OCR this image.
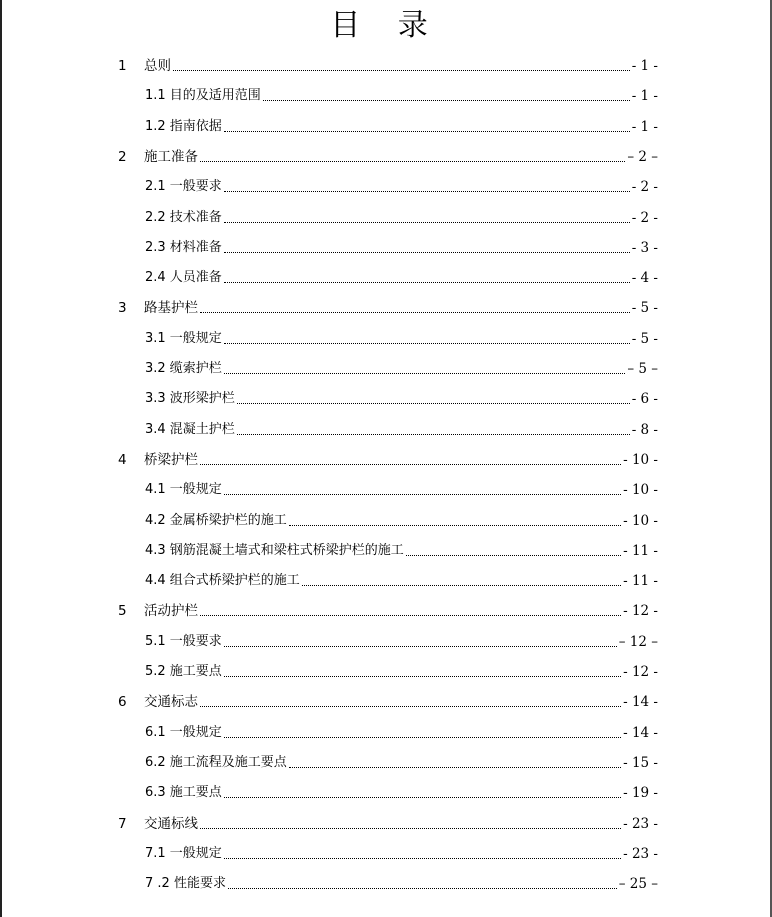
目 录
1 总则	- 1 -
1.1 目的及适用范围	- 1 -
1.2 指南依据	- 1 -
2 施工准备	– 2 –
2.1 一般要求	- 2 -
2.2 技术准备	- 2 -
2.3 材料准备	- 3 -
2.4 人员准备	- 4 -
3 路基护栏	- 5 -
3.1 一般规定	- 5 -
3.2 缆索护栏	– 5 –
3.3 波形梁护栏	- 6 -
3.4 混凝土护栏	- 8 -
4 桥梁护栏	- 10 -
4.1 一般规定	- 10 -
4.2 金属桥梁护栏的施工	- 10 -
4.3 钢筋混凝土墙式和梁柱式桥梁护栏的施工	- 11 -
4.4 组合式桥梁护栏的施工	- 11 -
5 活动护栏	- 12 -
5.1 一般要求	– 12 –
5.2 施工要点	- 12 -
6 交通标志	- 14 -
6.1 一般规定	- 14 -
6.2 施工流程及施工要点	- 15 -
6.3 施工要点	- 19 -
7 交通标线	- 23 -
7.1 一般规定	- 23 -
7 .2 性能要求	– 25 –
